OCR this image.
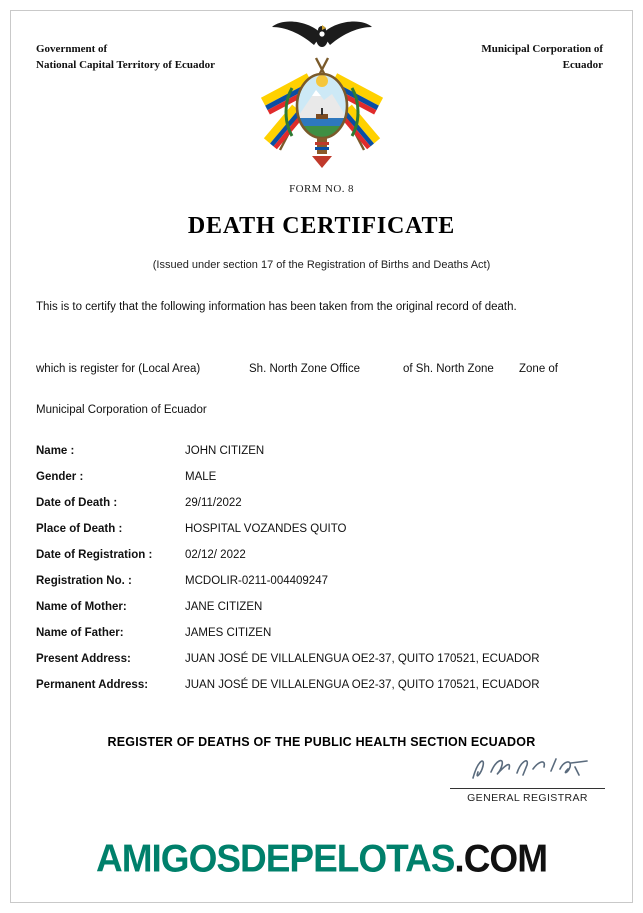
Government of
National Capital Territory of Ecuador
Municipal Corporation of
Ecuador
FORM NO. 8
DEATH CERTIFICATE
(Issued under section 17 of the Registration of Births and Deaths Act)
This is to certify that the following information has been taken from the original record of death.
which is register for (Local Area)	Sh. North Zone Office	of Sh. North Zone Zone of
Municipal Corporation of Ecuador
Name :	JOHN CITIZEN
Gender :	MALE
Date of Death :	29/11/2022
Place of Death :	HOSPITAL VOZANDES QUITO
Date of Registration :	02/12/ 2022
Registration No. :	MCDOLIR-0211-004409247
Name of Mother:	JANE CITIZEN
Name of Father:	JAMES CITIZEN
Present Address:	JUAN JOSÉ DE VILLALENGUA OE2-37, QUITO 170521, ECUADOR
Permanent Address:	JUAN JOSÉ DE VILLALENGUA OE2-37, QUITO 170521, ECUADOR
REGISTER OF DEATHS OF THE PUBLIC HEALTH SECTION ECUADOR
GENERAL REGISTRAR
AMIGOSDEPELOTAS.COM
